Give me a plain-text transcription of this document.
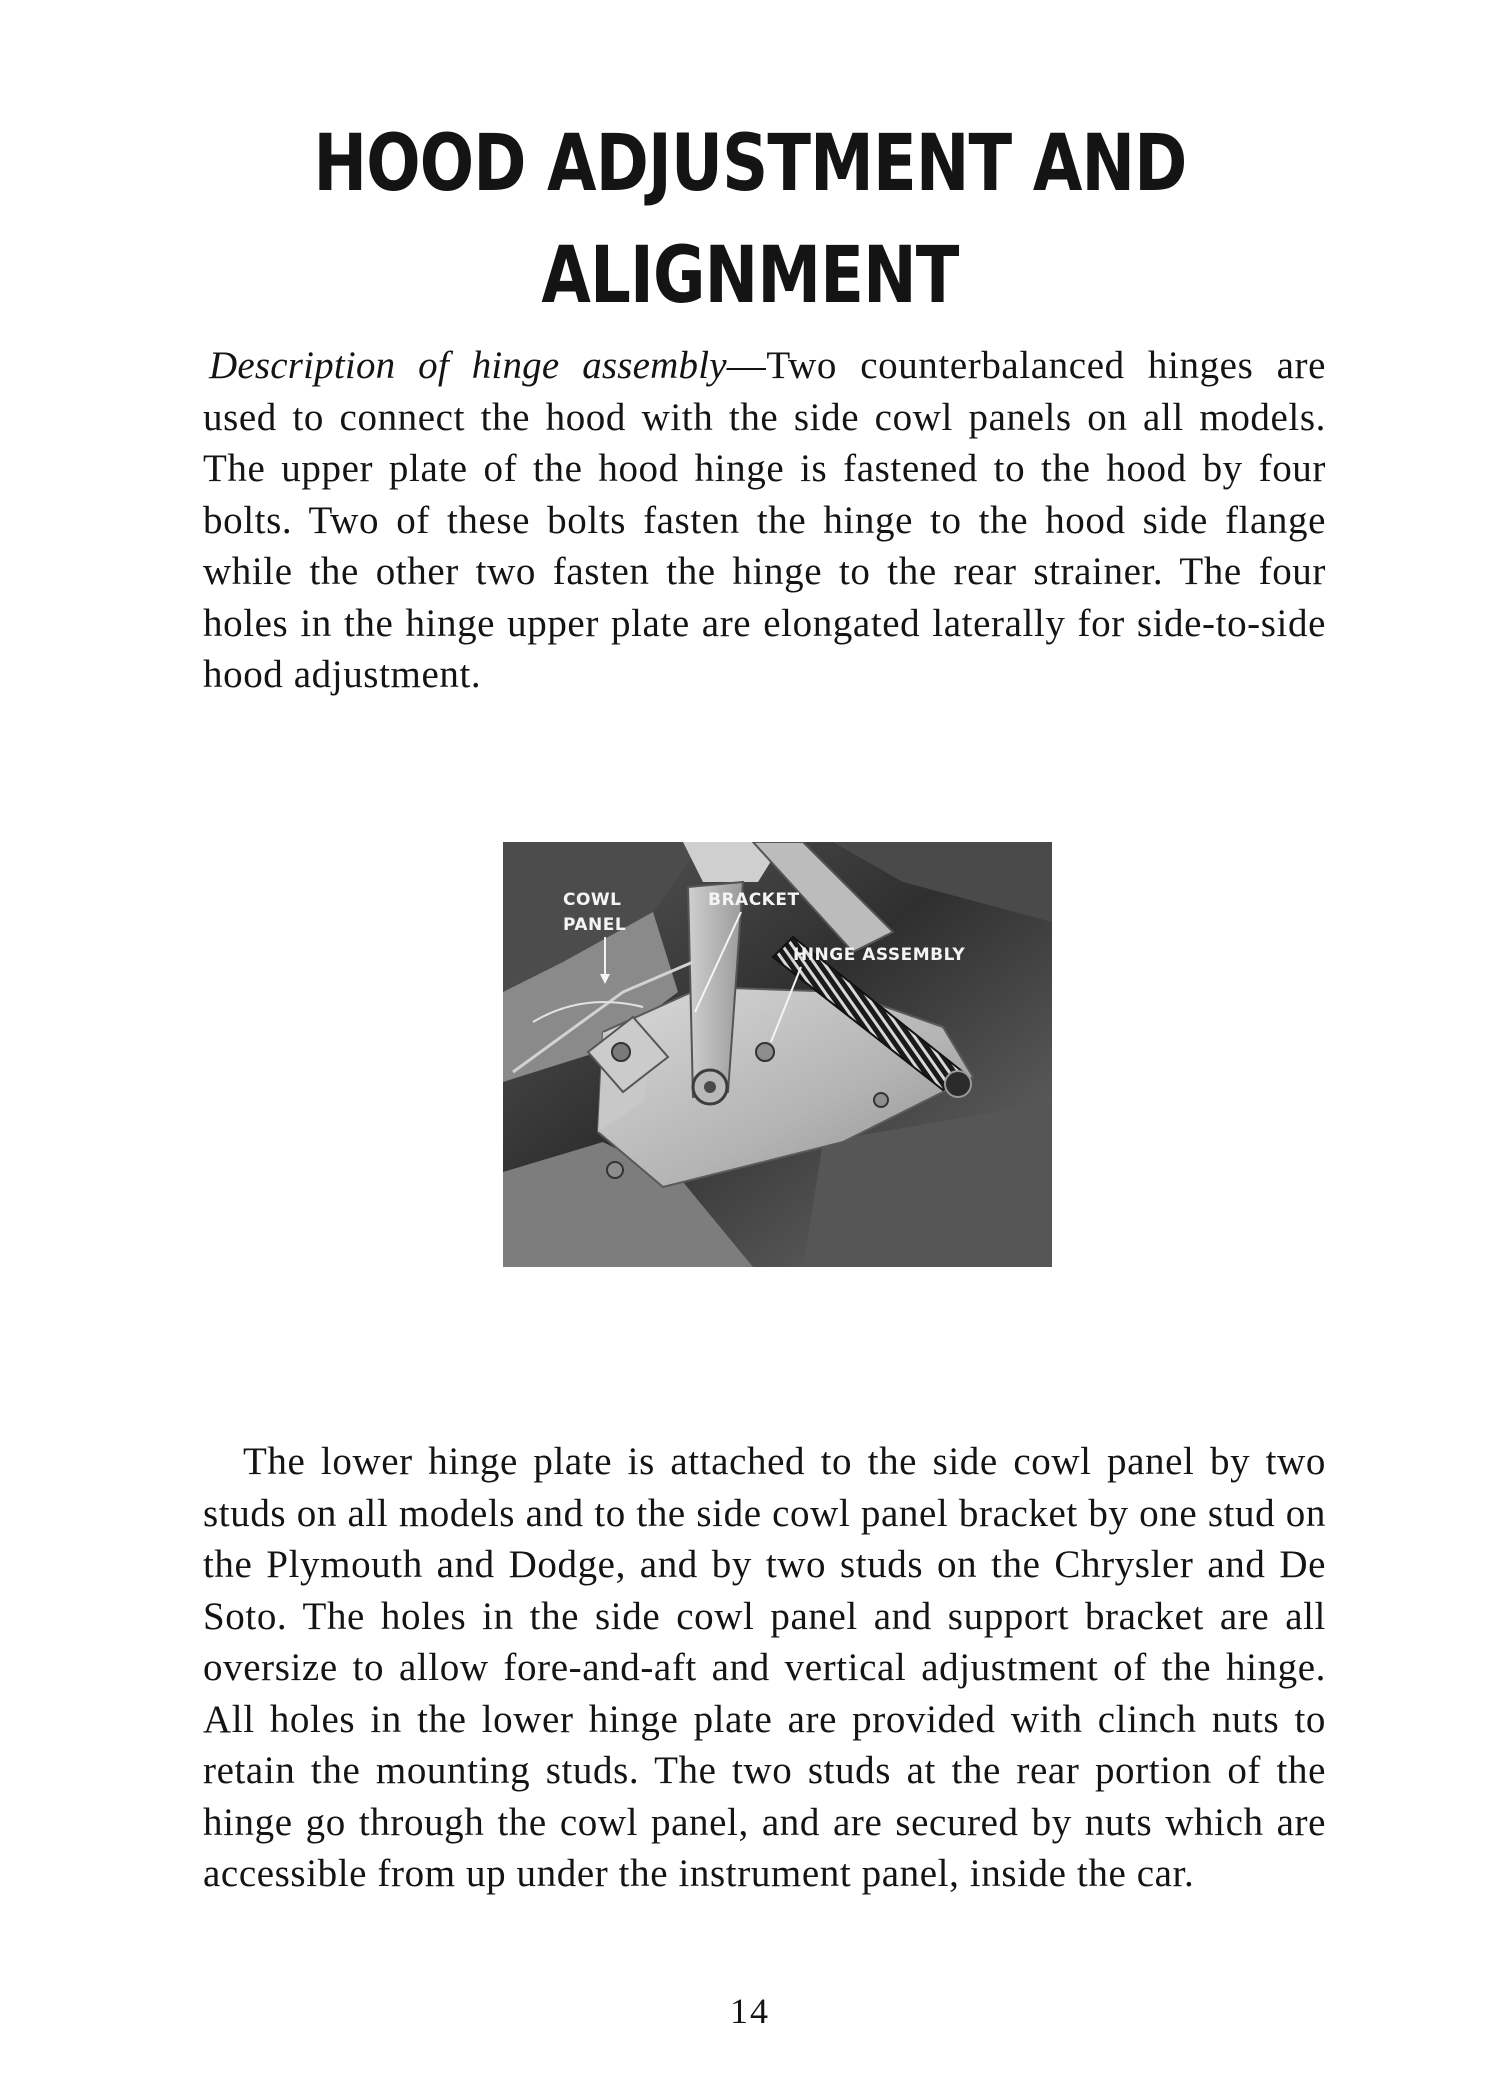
HOOD ADJUSTMENT AND ALIGNMENT

Description of hinge assembly—Two counterbalanced hinges are used to connect the hood with the side cowl panels on all models. The upper plate of the hood hinge is fastened to the hood by four bolts. Two of these bolts fasten the hinge to the hood side flange while the other two fasten the hinge to the rear strainer. The four holes in the hinge upper plate are elongated laterally for side-to-side hood adjustment.

COWL
PANEL
BRACKET
HINGE ASSEMBLY

The lower hinge plate is attached to the side cowl panel by two studs on all models and to the side cowl panel bracket by one stud on the Plymouth and Dodge, and by two studs on the Chrysler and De Soto. The holes in the side cowl panel and support bracket are all oversize to allow fore-and-aft and vertical adjustment of the hinge. All holes in the lower hinge plate are provided with clinch nuts to retain the mounting studs. The two studs at the rear portion of the hinge go through the cowl panel, and are secured by nuts which are accessible from up under the instrument panel, inside the car.

14
